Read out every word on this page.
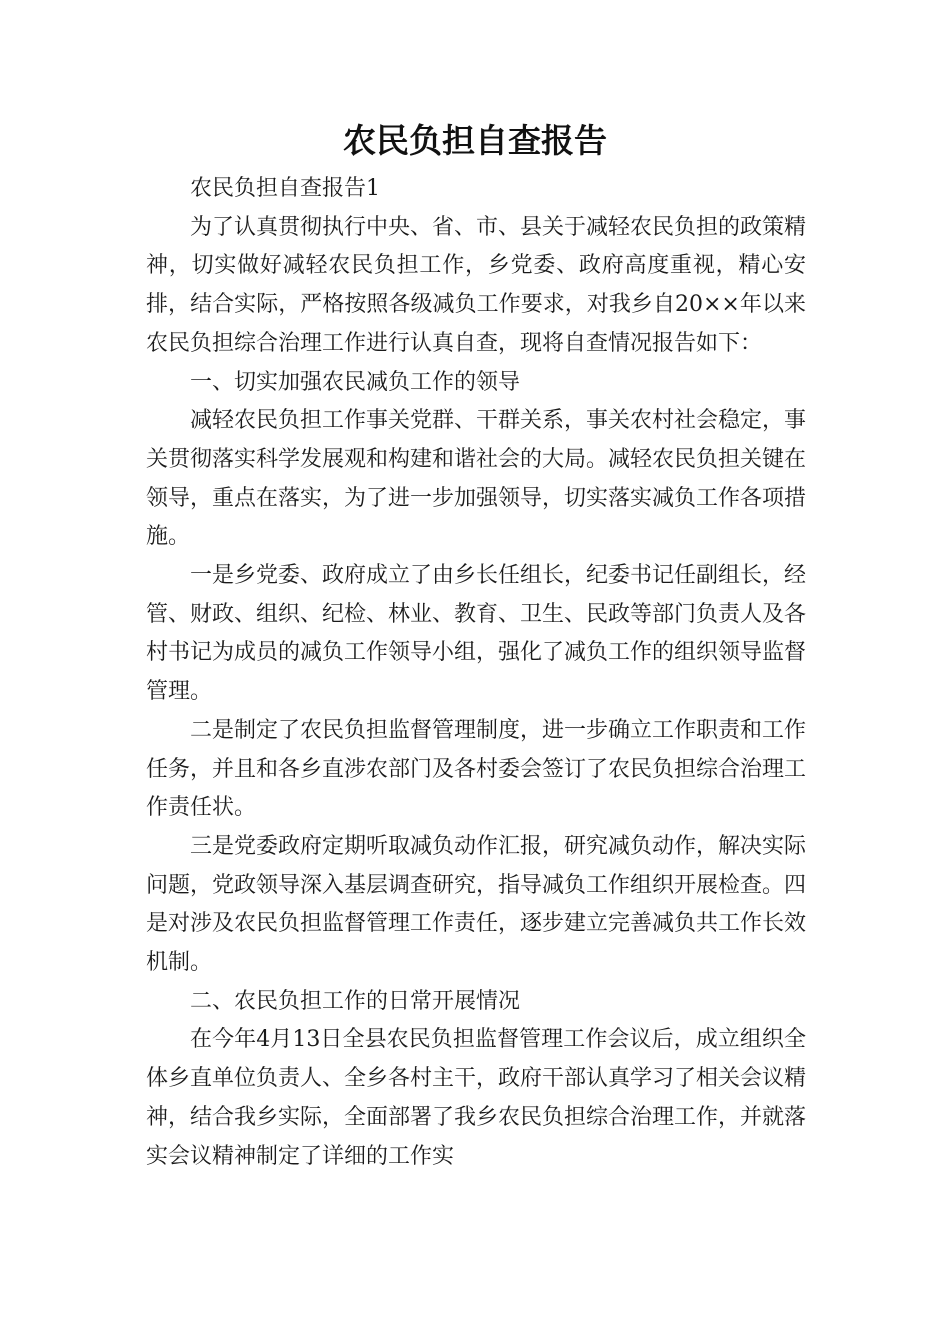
农民负担自查报告

农民负担自查报告1

为了认真贯彻执行中央、省、市、县关于减轻农民负担的政策精神，切实做好减轻农民负担工作，乡党委、政府高度重视，精心安排，结合实际，严格按照各级减负工作要求，对我乡自20××年以来农民负担综合治理工作进行认真自查，现将自查情况报告如下：

一、切实加强农民减负工作的领导

减轻农民负担工作事关党群、干群关系，事关农村社会稳定，事关贯彻落实科学发展观和构建和谐社会的大局。减轻农民负担关键在领导，重点在落实，为了进一步加强领导，切实落实减负工作各项措施。

一是乡党委、政府成立了由乡长任组长，纪委书记任副组长，经管、财政、组织、纪检、林业、教育、卫生、民政等部门负责人及各村书记为成员的减负工作领导小组，强化了减负工作的组织领导监督管理。

二是制定了农民负担监督管理制度，进一步确立工作职责和工作任务，并且和各乡直涉农部门及各村委会签订了农民负担综合治理工作责任状。

三是党委政府定期听取减负动作汇报，研究减负动作，解决实际问题，党政领导深入基层调查研究，指导减负工作组织开展检查。四是对涉及农民负担监督管理工作责任，逐步建立完善减负共工作长效机制。

二、农民负担工作的日常开展情况

在今年4月13日全县农民负担监督管理工作会议后，成立组织全体乡直单位负责人、全乡各村主干，政府干部认真学习了相关会议精神，结合我乡实际，全面部署了我乡农民负担综合治理工作，并就落实会议精神制定了详细的工作实
